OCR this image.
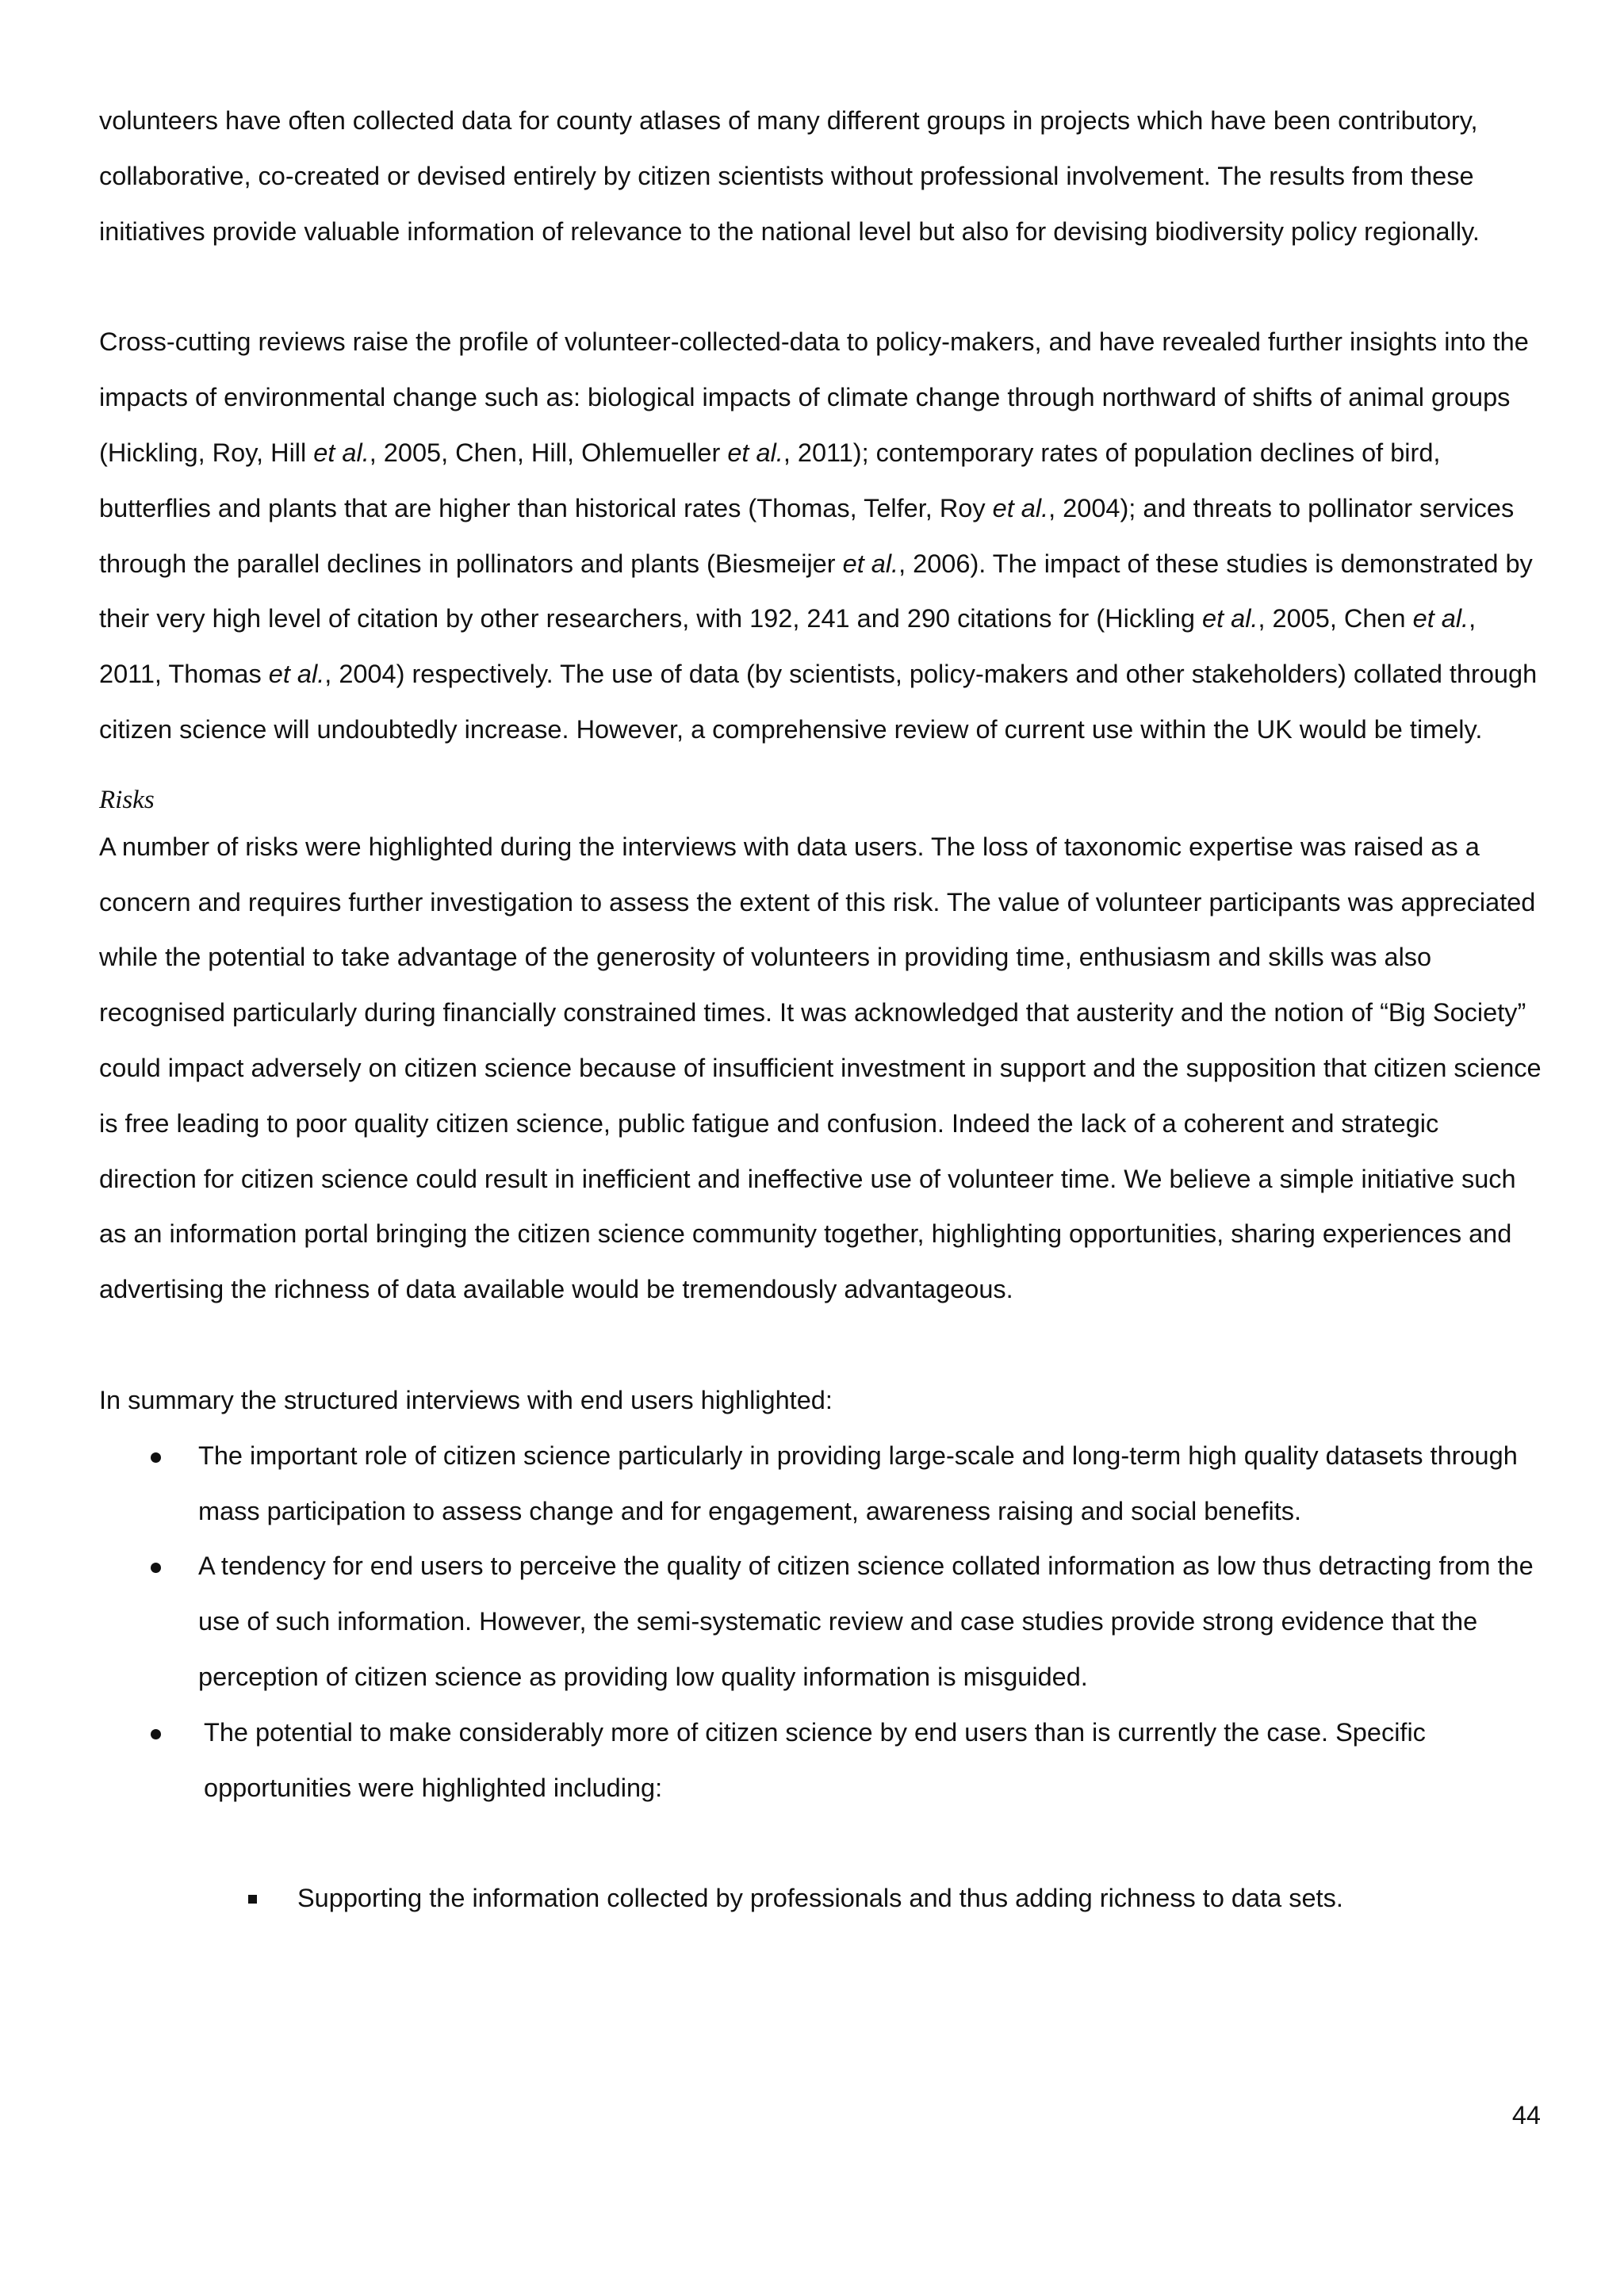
volunteers have often collected data for county atlases of many different groups in projects which have been contributory, collaborative, co-created or devised entirely by citizen scientists without professional involvement. The results from these initiatives provide valuable information of relevance to the national level but also for devising biodiversity policy regionally.

Cross-cutting reviews raise the profile of volunteer-collected-data to policy-makers, and have revealed further insights into the impacts of environmental change such as: biological impacts of climate change through northward of shifts of animal groups (Hickling, Roy, Hill et al., 2005, Chen, Hill, Ohlemueller et al., 2011); contemporary rates of population declines of bird, butterflies and plants that are higher than historical rates (Thomas, Telfer, Roy et al., 2004); and threats to pollinator services through the parallel declines in pollinators and plants (Biesmeijer et al., 2006). The impact of these studies is demonstrated by their very high level of citation by other researchers, with 192, 241 and 290 citations for (Hickling et al., 2005, Chen et al., 2011, Thomas et al., 2004) respectively. The use of data (by scientists, policy-makers and other stakeholders) collated through citizen science will undoubtedly increase. However, a comprehensive review of current use within the UK would be timely.

Risks

A number of risks were highlighted during the interviews with data users. The loss of taxonomic expertise was raised as a concern and requires further investigation to assess the extent of this risk. The value of volunteer participants was appreciated while the potential to take advantage of the generosity of volunteers in providing time, enthusiasm and skills was also recognised particularly during financially constrained times. It was acknowledged that austerity and the notion of “Big Society” could impact adversely on citizen science because of insufficient investment in support and the supposition that citizen science is free leading to poor quality citizen science, public fatigue and confusion. Indeed the lack of a coherent and strategic direction for citizen science could result in inefficient and ineffective use of volunteer time. We believe a simple initiative such as an information portal bringing the citizen science community together, highlighting opportunities, sharing experiences and advertising the richness of data available would be tremendously advantageous.

In summary the structured interviews with end users highlighted:

The important role of citizen science particularly in providing large-scale and long-term high quality datasets through mass participation to assess change and for engagement, awareness raising and social benefits.
A tendency for end users to perceive the quality of citizen science collated information as low thus detracting from the use of such information. However, the semi-systematic review and case studies provide strong evidence that the perception of citizen science as providing low quality information is misguided.
The potential to make considerably more of citizen science by end users than is currently the case. Specific opportunities were highlighted including:
Supporting the information collected by professionals and thus adding richness to data sets.
44
